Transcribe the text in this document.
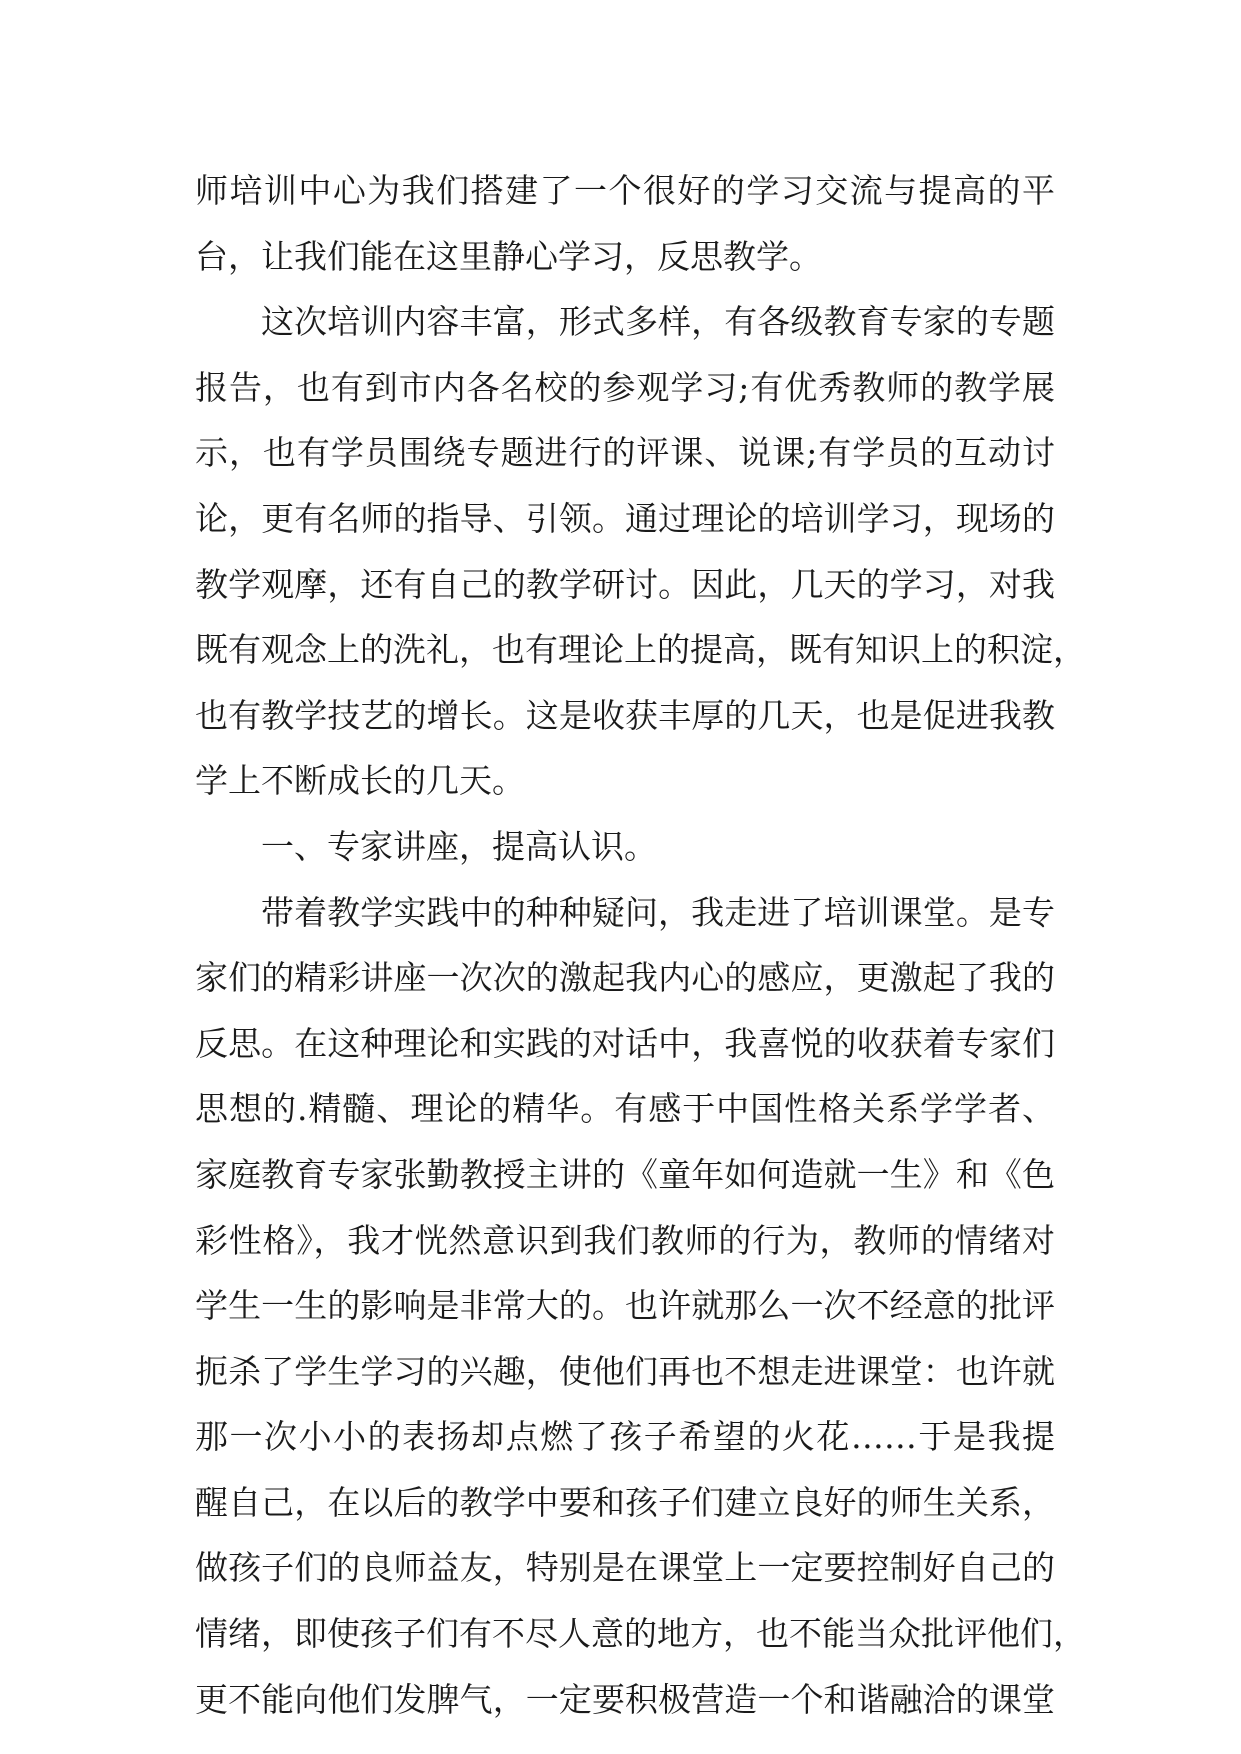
师培训中心为我们搭建了一个很好的学习交流与提高的平
台，让我们能在这里静心学习，反思教学。
这次培训内容丰富，形式多样，有各级教育专家的专题
报告，也有到市内各名校的参观学习;有优秀教师的教学展
示，也有学员围绕专题进行的评课、说课;有学员的互动讨
论，更有名师的指导、引领。通过理论的培训学习，现场的
教学观摩，还有自己的教学研讨。因此，几天的学习，对我
既有观念上的洗礼，也有理论上的提高，既有知识上的积淀，
也有教学技艺的增长。这是收获丰厚的几天，也是促进我教
学上不断成长的几天。
一、专家讲座，提高认识。
带着教学实践中的种种疑问，我走进了培训课堂。是专
家们的精彩讲座一次次的激起我内心的感应，更激起了我的
反思。在这种理论和实践的对话中，我喜悦的收获着专家们
思想的.精髓、理论的精华。有感于中国性格关系学学者、
家庭教育专家张勤教授主讲的《童年如何造就一生》和《色
彩性格》，我才恍然意识到我们教师的行为，教师的情绪对
学生一生的影响是非常大的。也许就那么一次不经意的批评
扼杀了学生学习的兴趣，使他们再也不想走进课堂：也许就
那一次小小的表扬却点燃了孩子希望的火花……于是我提
醒自己，在以后的教学中要和孩子们建立良好的师生关系，
做孩子们的良师益友，特别是在课堂上一定要控制好自己的
情绪，即使孩子们有不尽人意的地方，也不能当众批评他们，
更不能向他们发脾气，一定要积极营造一个和谐融洽的课堂
